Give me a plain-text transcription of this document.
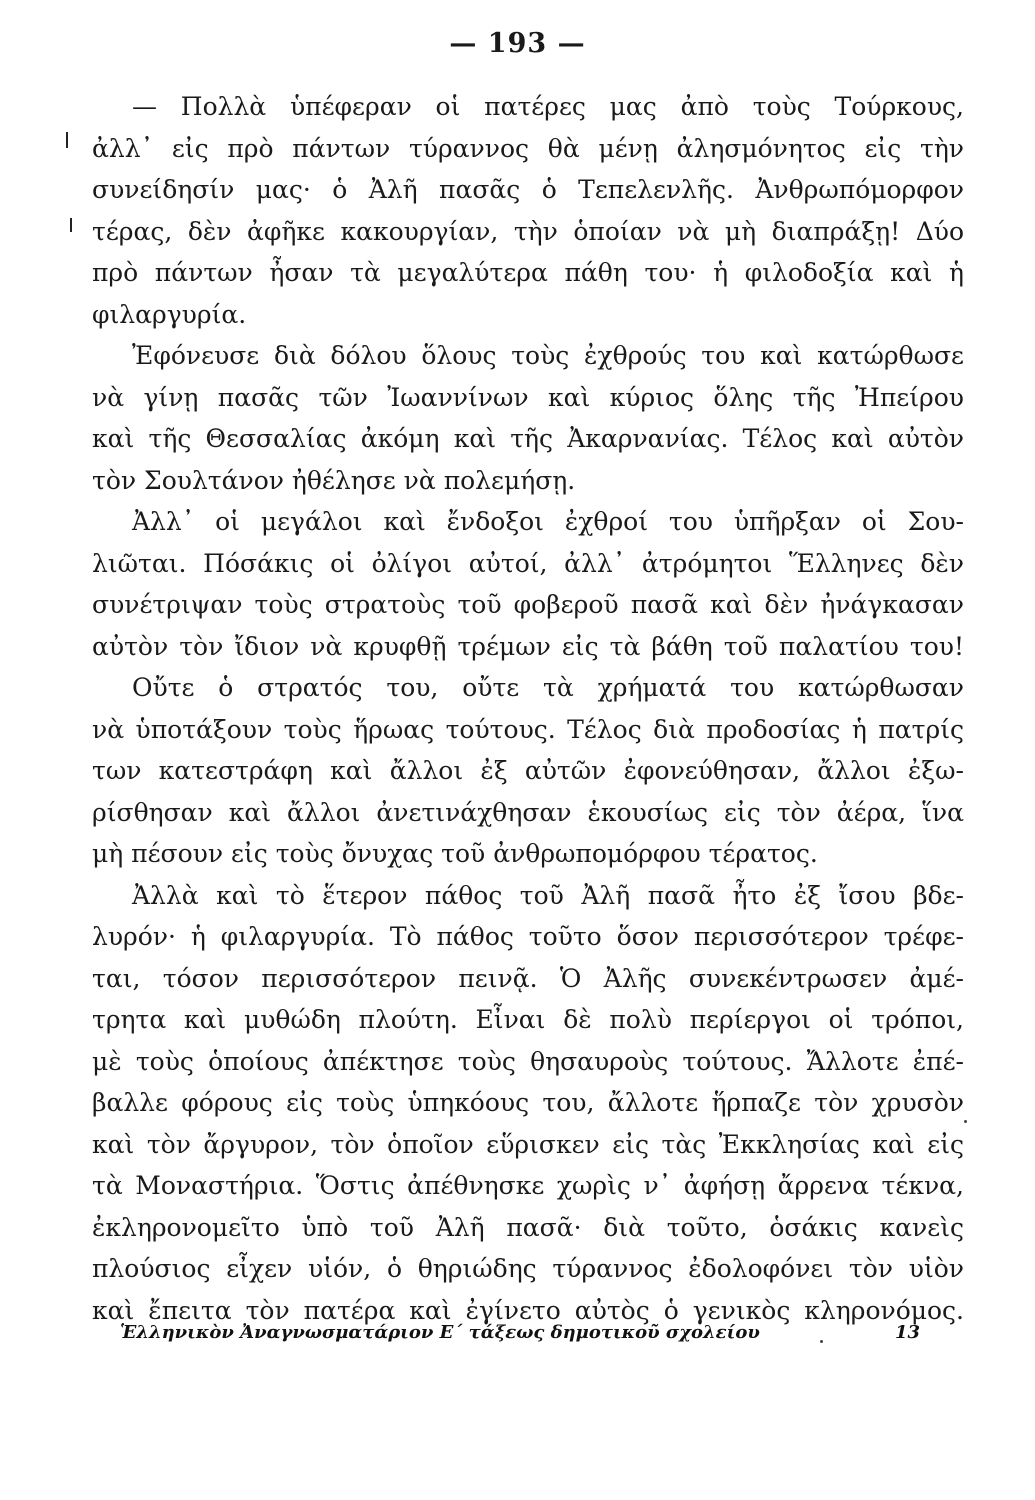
— 193 —
— Πολλὰ ὑπέφεραν οἱ πατέρες μας ἀπὸ τοὺς Τούρκους,
ἀλλ᾽ εἰς πρὸ πάντων τύραννος θὰ μένῃ ἀλησμόνητος εἰς τὴν
συνείδησίν μας· ὁ Ἀλῆ πασᾶς ὁ Τεπελενλῆς. Ἀνθρωπόμορφον
τέρας, δὲν ἀφῆκε κακουργίαν, τὴν ὁποίαν νὰ μὴ διαπράξῃ! Δύο
πρὸ πάντων ἦσαν τὰ μεγαλύτερα πάθη του· ἡ φιλοδοξία καὶ ἡ
φιλαργυρία.
Ἐφόνευσε διὰ δόλου ὅλους τοὺς ἐχθρούς του καὶ κατώρθωσε
νὰ γίνῃ πασᾶς τῶν Ἰωαννίνων καὶ κύριος ὅλης τῆς Ἠπείρου
καὶ τῆς Θεσσαλίας ἀκόμη καὶ τῆς Ἀκαρνανίας. Τέλος καὶ αὐτὸν
τὸν Σουλτάνον ἠθέλησε νὰ πολεμήσῃ.
Ἀλλ᾽ οἱ μεγάλοι καὶ ἔνδοξοι ἐχθροί του ὑπῆρξαν οἱ Σου-
λιῶται. Πόσάκις οἱ ὀλίγοι αὐτοί, ἀλλ᾽ ἀτρόμητοι Ἕλληνες δὲν
συνέτριψαν τοὺς στρατοὺς τοῦ φοβεροῦ πασᾶ καὶ δὲν ἠνάγκασαν
αὐτὸν τὸν ἴδιον νὰ κρυφθῇ τρέμων εἰς τὰ βάθη τοῦ παλατίου του!
Οὔτε ὁ στρατός του, οὔτε τὰ χρήματά του κατώρθωσαν
νὰ ὑποτάξουν τοὺς ἥρωας τούτους. Τέλος διὰ προδοσίας ἡ πατρίς
των κατεστράφη καὶ ἄλλοι ἐξ αὐτῶν ἐφονεύθησαν, ἄλλοι ἐξω-
ρίσθησαν καὶ ἄλλοι ἀνετινάχθησαν ἑκουσίως εἰς τὸν ἀέρα, ἵνα
μὴ πέσουν εἰς τοὺς ὄνυχας τοῦ ἀνθρωπομόρφου τέρατος.
Ἀλλὰ καὶ τὸ ἕτερον πάθος τοῦ Ἀλῆ πασᾶ ἦτο ἐξ ἴσου βδε-
λυρόν· ἡ φιλαργυρία. Τὸ πάθος τοῦτο ὅσον περισσότερον τρέφε-
ται, τόσον περισσότερον πεινᾷ. Ὁ Ἀλῆς συνεκέντρωσεν ἀμέ-
τρητα καὶ μυθώδη πλούτη. Εἶναι δὲ πολὺ περίεργοι οἱ τρόποι,
μὲ τοὺς ὁποίους ἀπέκτησε τοὺς θησαυροὺς τούτους. Ἄλλοτε ἐπέ-
βαλλε φόρους εἰς τοὺς ὑπηκόους του, ἄλλοτε ἥρπαζε τὸν χρυσὸν
καὶ τὸν ἄργυρον, τὸν ὁποῖον εὕρισκεν εἰς τὰς Ἐκκλησίας καὶ εἰς
τὰ Μοναστήρια. Ὅστις ἀπέθνησκε χωρὶς ν᾽ ἀφήσῃ ἄρρενα τέκνα,
ἐκληρονομεῖτο ὑπὸ τοῦ Ἀλῆ πασᾶ· διὰ τοῦτο, ὁσάκις κανεὶς
πλούσιος εἶχεν υἱόν, ὁ θηριώδης τύραννος ἐδολοφόνει τὸν υἱὸν
καὶ ἔπειτα τὸν πατέρα καὶ ἐγίνετο αὐτὸς ὁ γενικὸς κληρονόμος.
Ἑλληνικὸν Ἀναγνωσματάριον Ε΄ τάξεως δημοτικοῦ σχολείου	13
